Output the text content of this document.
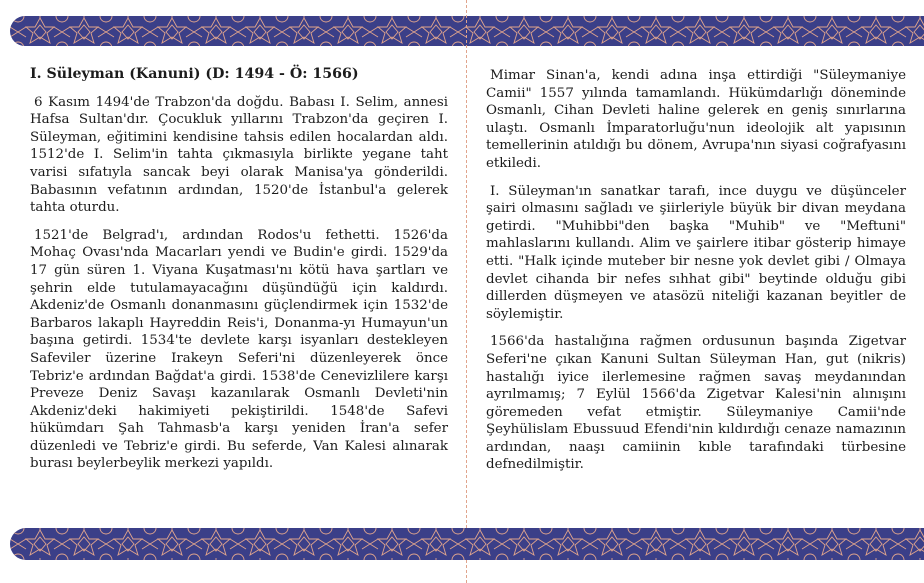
I. Süleyman (Kanuni) (D: 1494 - Ö: 1566)

6 Kasım 1494'de Trabzon'da doğdu. Babası I. Selim, annesi Hafsa Sultan'dır. Çocukluk yıllarını Trabzon'da geçiren I. Süleyman, eğitimini kendisine tahsis edilen hocalardan aldı. 1512'de I. Selim'in tahta çıkmasıyla birlikte yegane taht varisi sıfatıyla sancak beyi olarak Manisa'ya gönderildi. Babasının vefatının ardından, 1520'de İstanbul'a gelerek tahta oturdu.

1521'de Belgrad'ı, ardından Rodos'u fethetti. 1526'da Mohaç Ovası'nda Macarları yendi ve Budin'e girdi. 1529'da 17 gün süren 1. Viyana Kuşatması'nı kötü hava şartları ve şehrin elde tutulamayacağını düşündüğü için kaldırdı. Akdeniz'de Osmanlı donanmasını güçlendirmek için 1532'de Barbaros lakaplı Hayreddin Reis'i, Donanma-yı Humayun'un başına getirdi. 1534'te devlete karşı isyanları destekleyen Safeviler üzerine Irakeyn Seferi'ni düzenleyerek önce Tebriz'e ardından Bağdat'a girdi. 1538'de Cenevizlilere karşı Preveze Deniz Savaşı kazanılarak Osmanlı Devleti'nin Akdeniz'deki hakimiyeti pekiştirildi. 1548'de Safevi hükümdarı Şah Tahmasb'a karşı yeniden İran'a sefer düzenledi ve Tebriz'e girdi. Bu seferde, Van Kalesi alınarak burası beylerbeylik merkezi yapıldı.

Mimar Sinan'a, kendi adına inşa ettirdiği "Süleymaniye Camii" 1557 yılında tamamlandı. Hükümdarlığı döneminde Osmanlı, Cihan Devleti haline gelerek en geniş sınırlarına ulaştı. Osmanlı İmparatorluğu'nun ideolojik alt yapısının temellerinin atıldığı bu dönem, Avrupa'nın siyasi coğrafyasını etkiledi.

I. Süleyman'ın sanatkar tarafı, ince duygu ve düşünceler şairi olmasını sağladı ve şiirleriyle büyük bir divan meydana getirdi. "Muhibbi"den başka "Muhib" ve "Meftuni" mahlaslarını kullandı. Alim ve şairlere itibar gösterip himaye etti. "Halk içinde muteber bir nesne yok devlet gibi / Olmaya devlet cihanda bir nefes sıhhat gibi" beytinde olduğu gibi dillerden düşmeyen ve atasözü niteliği kazanan beyitler de söylemiştir.

1566'da hastalığına rağmen ordusunun başında Zigetvar Seferi'ne çıkan Kanuni Sultan Süleyman Han, gut (nikris) hastalığı iyice ilerlemesine rağmen savaş meydanından ayrılmamış; 7 Eylül 1566'da Zigetvar Kalesi'nin alınışını göremeden vefat etmiştir. Süleymaniye Camii'nde Şeyhülislam Ebussuud Efendi'nin kıldırdığı cenaze namazının ardından, naaşı camiinin kıble tarafındaki türbesine defnedilmiştir.
